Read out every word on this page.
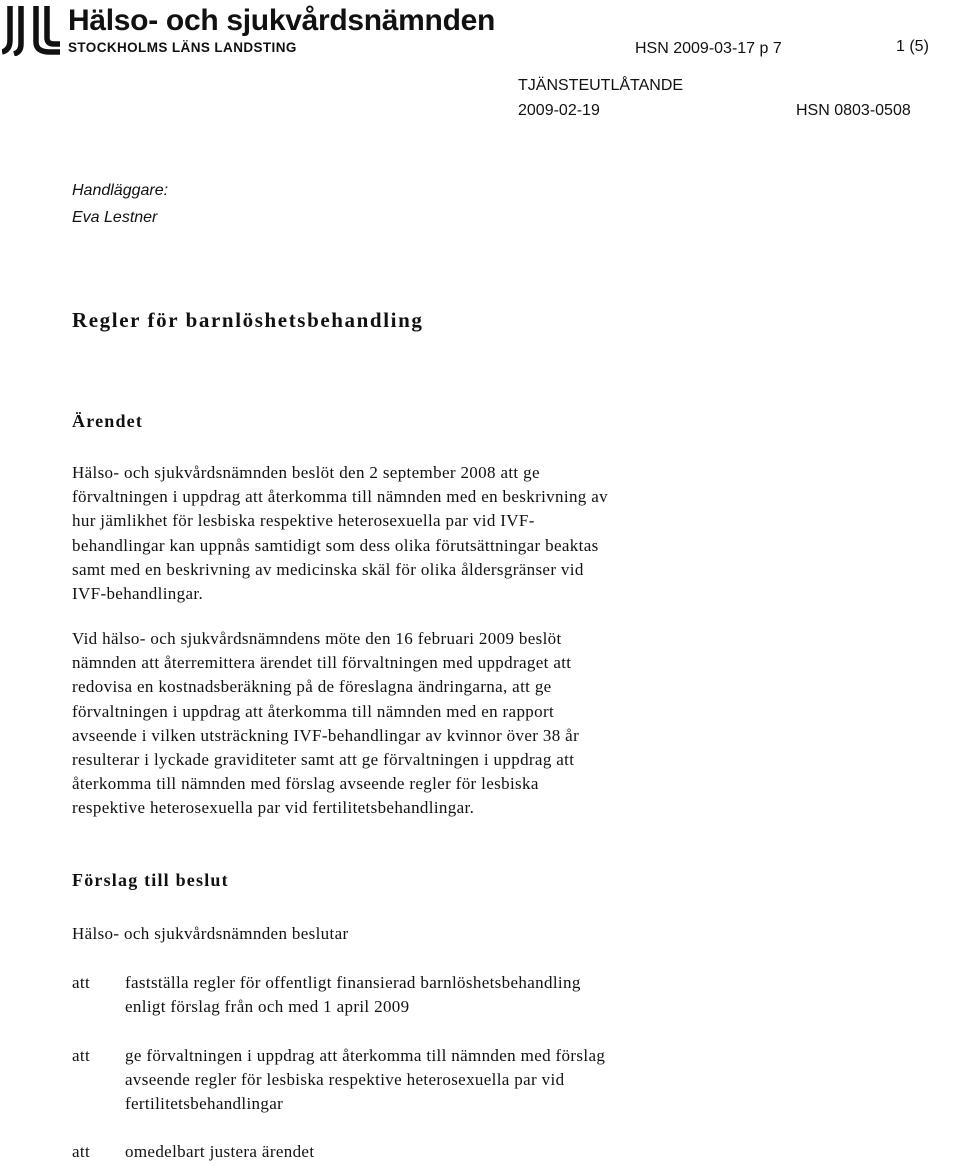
Hälso- och sjukvårdsnämnden
STOCKHOLMS LÄNS LANDSTING	HSN 2009-03-17 p 7	1 (5)
TJÄNSTEUTLÅTANDE
2009-02-19	HSN 0803-0508
Handläggare:
Eva Lestner
Regler för barnlöshetsbehandling
Ärendet

Hälso- och sjukvårdsnämnden beslöt den 2 september 2008 att ge
förvaltningen i uppdrag att återkomma till nämnden med en beskrivning av
hur jämlikhet för lesbiska respektive heterosexuella par vid IVF-
behandlingar kan uppnås samtidigt som dess olika förutsättningar beaktas
samt med en beskrivning av medicinska skäl för olika åldersgränser vid
IVF-behandlingar.

Vid hälso- och sjukvårdsnämndens möte den 16 februari 2009 beslöt
nämnden att återremittera ärendet till förvaltningen med uppdraget att
redovisa en kostnadsberäkning på de föreslagna ändringarna, att ge
förvaltningen i uppdrag att återkomma till nämnden med en rapport
avseende i vilken utsträckning IVF-behandlingar av kvinnor över 38 år
resulterar i lyckade graviditeter samt att ge förvaltningen i uppdrag att
återkomma till nämnden med förslag avseende regler för lesbiska
respektive heterosexuella par vid fertilitetsbehandlingar.

Förslag till beslut

Hälso- och sjukvårdsnämnden beslutar

att fastställa regler för offentligt finansierad barnlöshetsbehandling
enligt förslag från och med 1 april 2009
att ge förvaltningen i uppdrag att återkomma till nämnden med förslag
avseende regler för lesbiska respektive heterosexuella par vid
fertilitetsbehandlingar
att omedelbart justera ärendet
